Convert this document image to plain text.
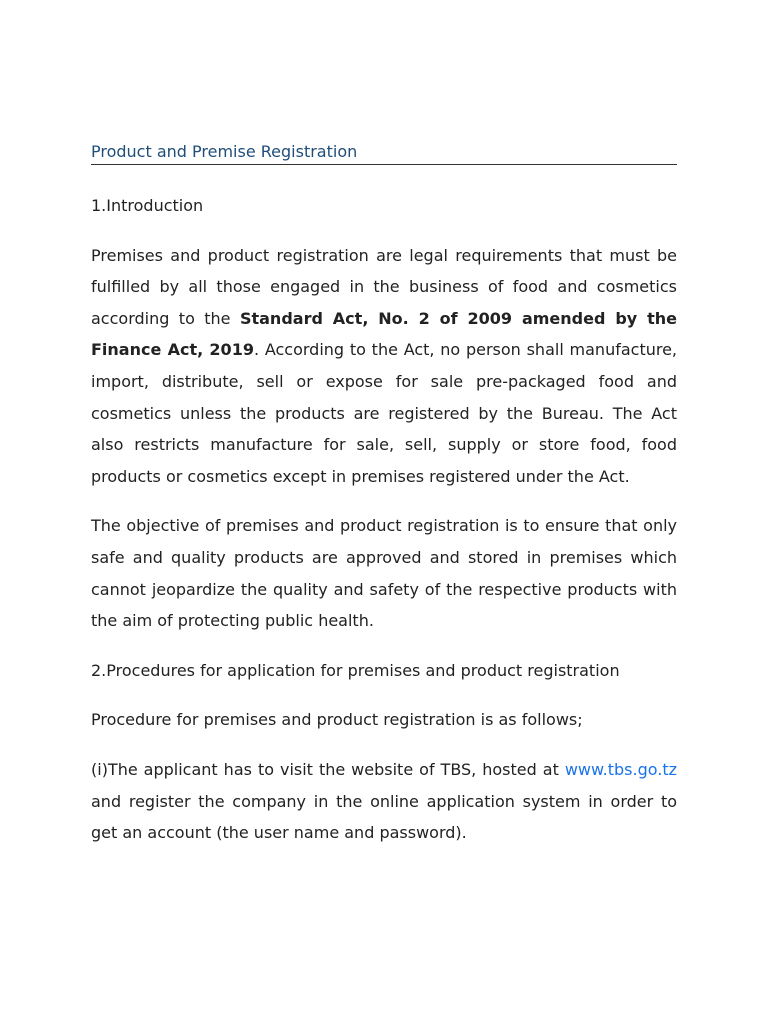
Product and Premise Registration

1.Introduction

Premises and product registration are legal requirements that must be fulfilled by all those engaged in the business of food and cosmetics according to the Standard Act, No. 2 of 2009 amended by the Finance Act, 2019. According to the Act, no person shall manufacture, import, distribute, sell or expose for sale pre-packaged food and cosmetics unless the products are registered by the Bureau. The Act also restricts manufacture for sale, sell, supply or store food, food products or cosmetics except in premises registered under the Act.

The objective of premises and product registration is to ensure that only safe and quality products are approved and stored in premises which cannot jeopardize the quality and safety of the respective products with the aim of protecting public health.

2.Procedures for application for premises and product registration

Procedure for premises and product registration is as follows;

(i)The applicant has to visit the website of TBS, hosted at www.tbs.go.tz and register the company in the online application system in order to get an account (the user name and password).
